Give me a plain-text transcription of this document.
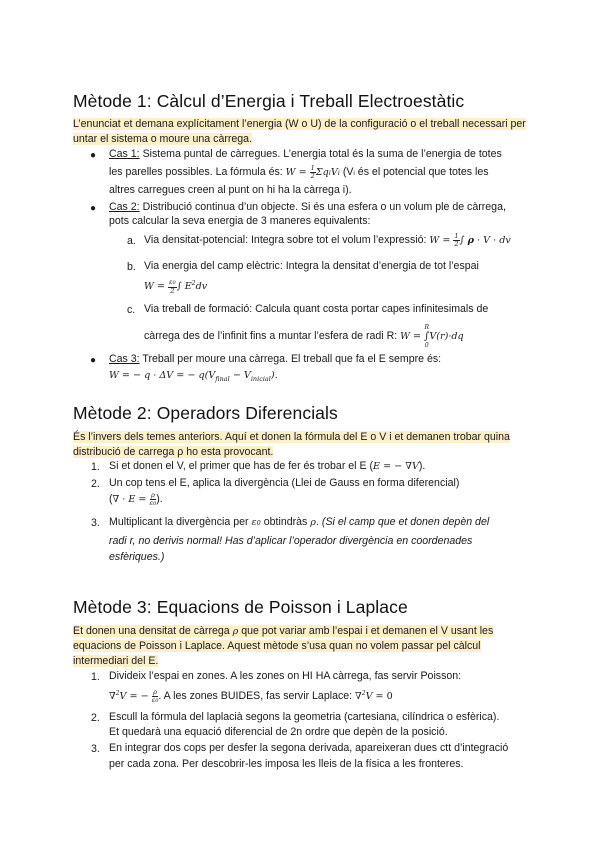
Mètode 1: Càlcul d’Energia i Treball Electroestàtic
L’enunciat et demana explícitament l’energia (W o U) de la configuració o el treball necessari per untar el sistema o moure una càrrega.
● Cas 1: Sistema puntal de càrregues. L’energia total és la suma de l’energia de totes
les parelles possibles. La fórmula és: $W = \frac{1}{2}$ ΣqiVi (Vi és el potencial que totes les
altres carregues creen al punt on hi ha la càrrega i).
● Cas 2: Distribució continua d’un objecte. Si és una esfera o un volum ple de càrrega,
pots calcular la seva energia de 3 maneres equivalents:
a. Via densitat-potencial: Integra sobre tot el volum l’expressió: $W = \frac{1}{2}$ ∫ ρ · V · dv
b. Via energia del camp elèctric: Integra la densitat d’energia de tot l’espai
$W = \frac{\varepsilon 0}{2}$ ∫ $E^2dv$
c. Via treball de formació: Calcula quant costa portar capes infinitesimals de
càrrega des de l’infinit fins a muntar l’esfera de radi R: W =
R
∫
0
V(r)·dq
● Cas 3: Treball per moure una càrrega. El treball que fa el E sempre és:
W = − q · ΔV = − $q(V_{final} - V_{inicial})$.
Mètode 2: Operadors Diferencials
És l’invers dels temes anteriors. Aquí et donen la fórmula del E o V i et demanen trobar quina distribució de carrega ρ ho esta provocant.
1. Si et donen el V, el primer que has de fer és trobar el E (E = − ∇V).
2. Un cop tens el E, aplica la divergència (Llei de Gauss en forma diferencial)
(∇ · $E = \frac{\rho}{\varepsilon 0}$ ).
3. Multiplicant la divergència per ε0 obtindràs ρ. (Si el camp que et donen depèn del
radi r, no derivis normal! Has d’aplicar l’operador divergència en coordenades
esfèriques.)
Mètode 3: Equacions de Poisson i Laplace
Et donen una densitat de càrrega ρ que pot variar amb l’espai i et demanen el V usant les
equacions de Poisson i Laplace. Aquest mètode s’usa quan no volem passar pel càlcul
intermediari del E.
1. Divideix l’espai en zones. A les zones on HI HA càrrega, fas servir Poisson:
∇$^2$V = − $\frac{\rho}{\varepsilon 0}$ . A les zones BUIDES, fas servir Laplace: ∇$^2$V = 0
2. Escull la fórmula del laplacià segons la geometria (cartesiana, cilíndrica o esfèrica).
Et quedarà una equació diferencial de 2n ordre que depèn de la posició.
3. En integrar dos cops per desfer la segona derivada, apareixeran dues ctt d’integració
per cada zona. Per descobrir-les imposa les lleis de la física a les fronteres.
